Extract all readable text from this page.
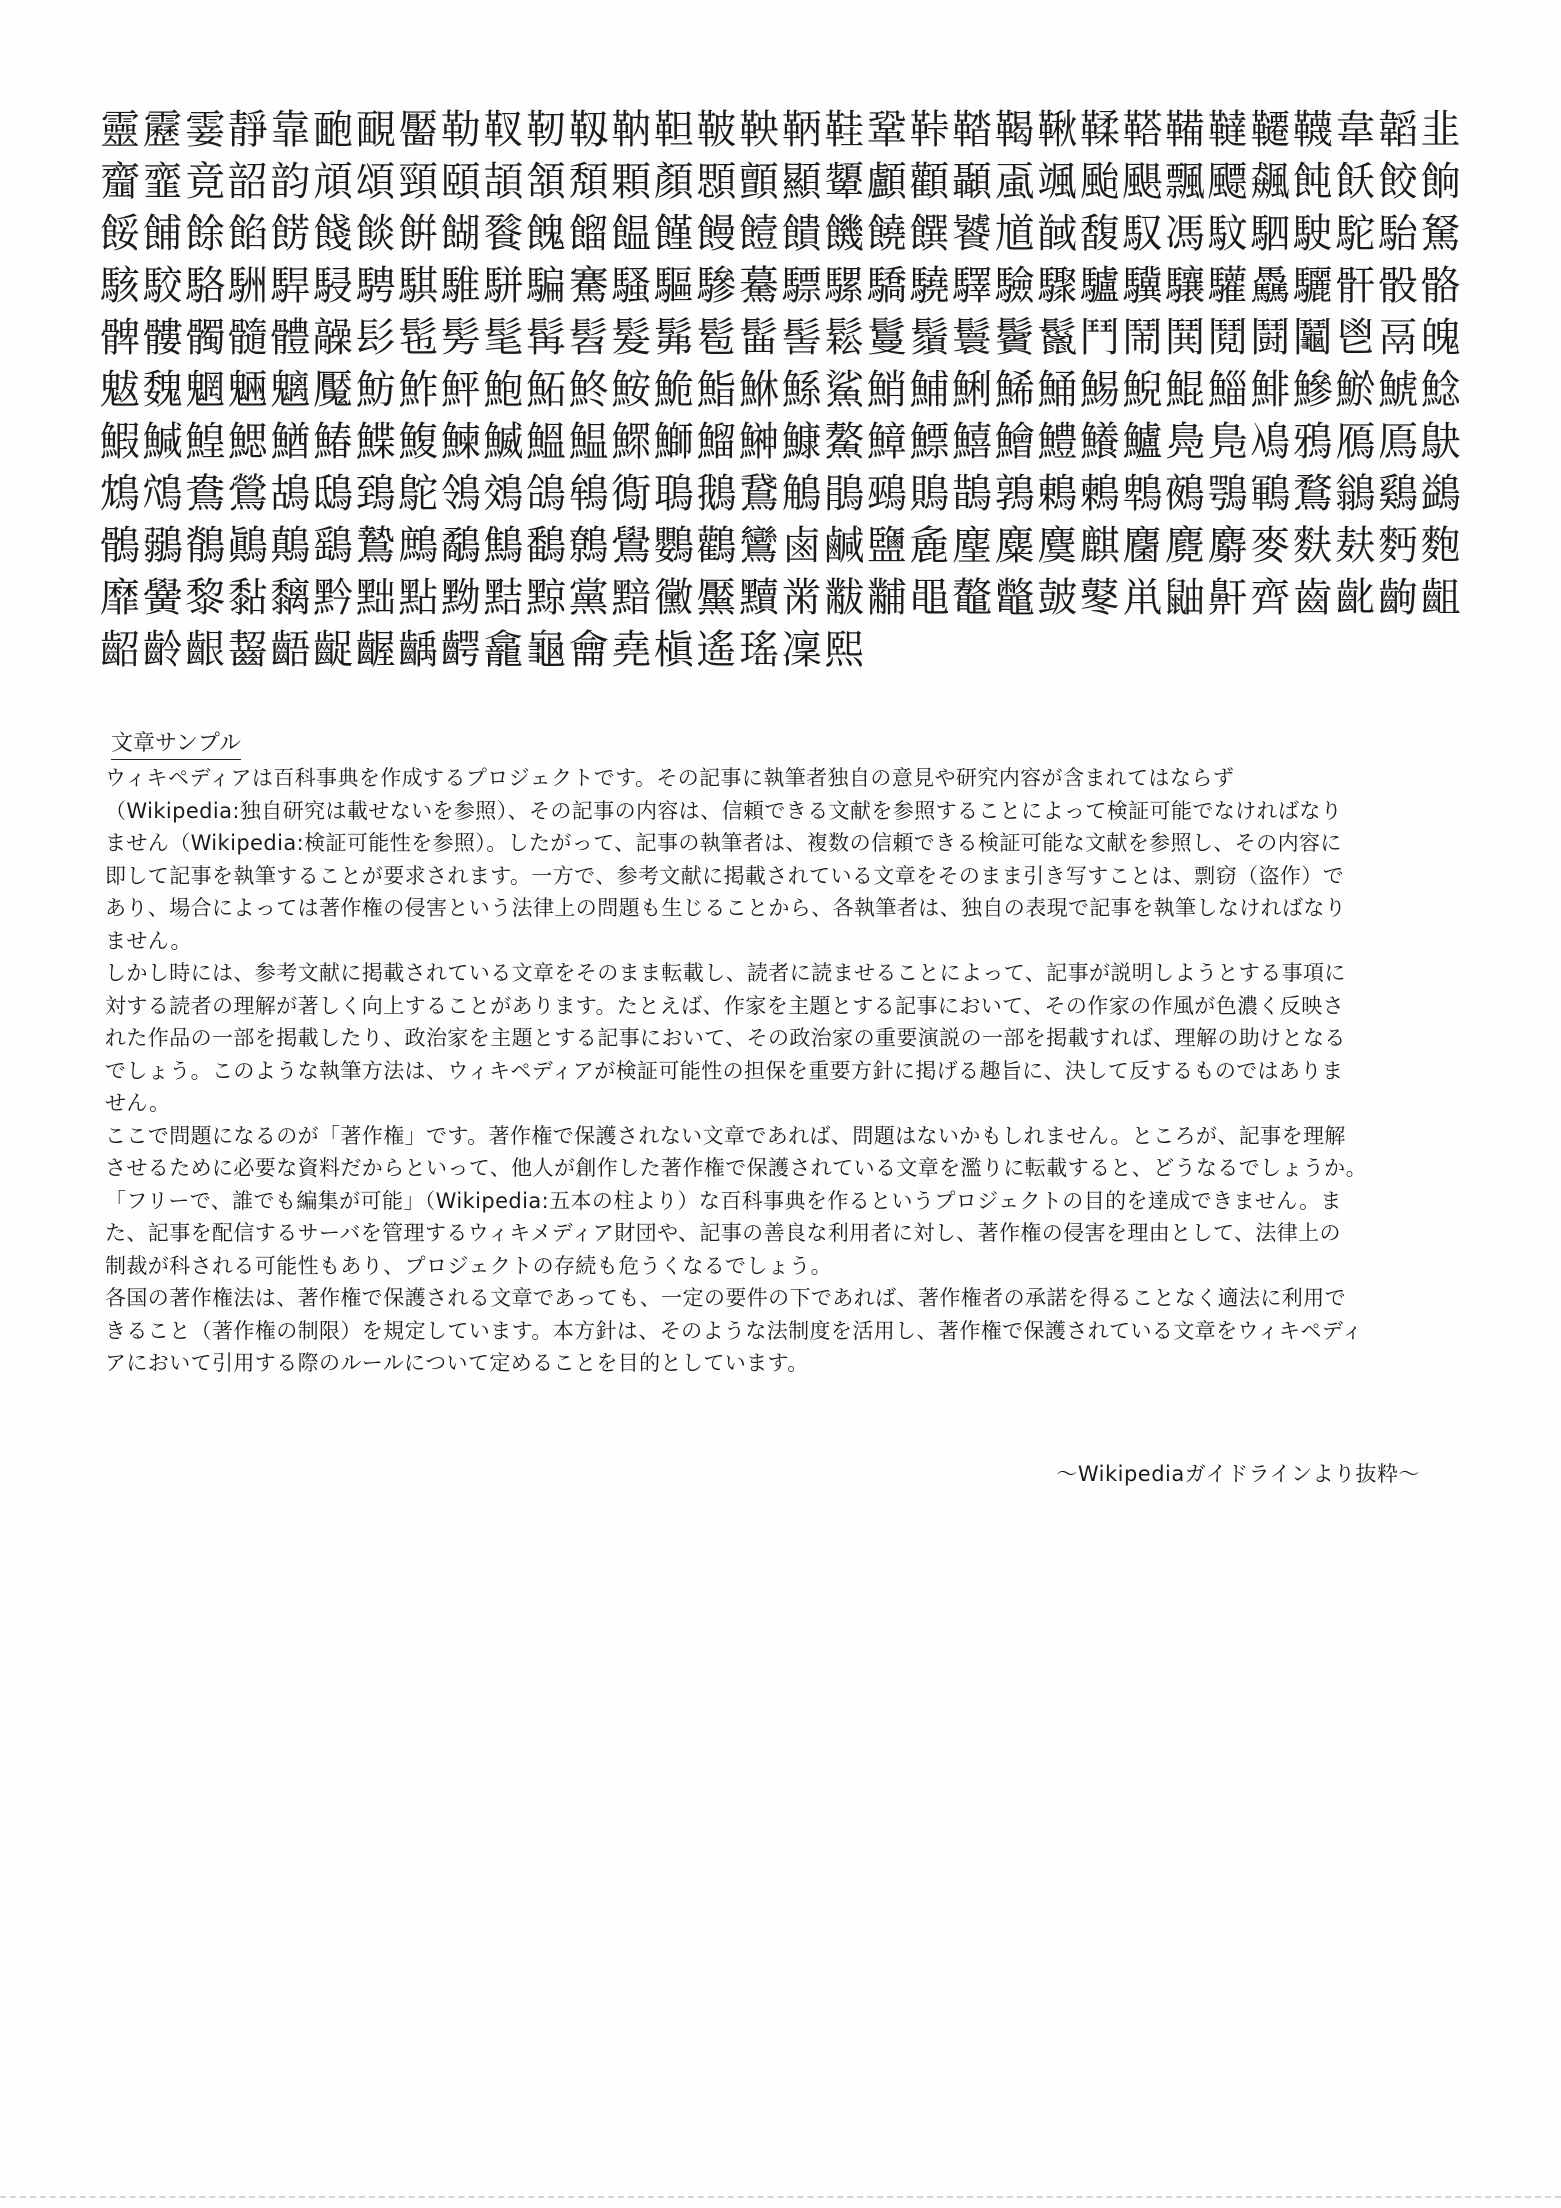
靈靂霎靜靠靤靦靨勒靫靭靱靹靼鞁鞅鞆鞋鞏鞐鞜鞨鞦鞣鞳鞴韃韆韈韋韜韭
齏韲竟韶韵頏頌頸頤頡頷頽顆顏顋顫顯顰顱顴顳颪颯颱颶飄飃飆飩飫餃餉
餒餔餘餡餝餞餤餠餬餮餽餾饂饉饅饐饋饑饒饌饕馗馘馥馭馮馼駟駛駝駘駑
駭駮駱駲駻駸騁騏騅駢騙騫騷驅驂驀驃騾驕驍驛驗驟驢驥驤驩驫驪骭骰骼
髀髏髑髓體髞髟髢髣髦髯髫髮髴髱髷髻鬆鬘鬚鬟鬢鬣鬥鬧鬨鬩鬪鬮鬯鬲魄
魃魏魍魎魑魘魴鮓鮃鮑鮖鮗鮟鮠鮨鮴鯀鯊鮹鯆鯏鯑鯒鯣鯢鯤鯔鯡鰺鯲鯱鯰
鰕鰔鰉鰓鰌鰆鰈鰒鰊鰄鰮鰛鰥鰤鰡鰰鱇鰲鱆鰾鱚鱠鱧鱶鱸鳧鳬鳰鴉鴈鳫鴃
鴆鴪鴦鶯鴣鴟鵄鴕鴒鵁鴿鴾鵆鵈鵝鵞鵤鵑鵐鵙鵲鶉鶇鶫鵯鵺鶚鶤鶩鶲鷄鷁
鶻鶸鶺鷆鷏鷂鷙鷓鷸鷦鷭鷯鷽鸚鸛鸞鹵鹹鹽麁麈麋麌麒麕麑麝麥麩麸麪麭
靡黌黎黏黐黔黜點黝黠黥黨黯黴黶黷黹黻黼黽鼇鼈皷鼕鼡鼬鼾齊齒齔齣齟
齠齡齦齧齬齪齷齲齶龕龜龠堯槇遙瑤凜熙
文章サンプル

ウィキペディアは百科事典を作成するプロジェクトです。その記事に執筆者独自の意見や研究内容が含まれてはならず
（Wikipedia:独自研究は載せないを参照）、その記事の内容は、信頼できる文献を参照することによって検証可能でなければなり
ません（Wikipedia:検証可能性を参照）。したがって、記事の執筆者は、複数の信頼できる検証可能な文献を参照し、その内容に
即して記事を執筆することが要求されます。一方で、参考文献に掲載されている文章をそのまま引き写すことは、剽窃（盗作）で
あり、場合によっては著作権の侵害という法律上の問題も生じることから、各執筆者は、独自の表現で記事を執筆しなければなり
ません。

しかし時には、参考文献に掲載されている文章をそのまま転載し、読者に読ませることによって、記事が説明しようとする事項に
対する読者の理解が著しく向上することがあります。たとえば、作家を主題とする記事において、その作家の作風が色濃く反映さ
れた作品の一部を掲載したり、政治家を主題とする記事において、その政治家の重要演説の一部を掲載すれば、理解の助けとなる
でしょう。このような執筆方法は、ウィキペディアが検証可能性の担保を重要方針に掲げる趣旨に、決して反するものではありま
せん。

ここで問題になるのが「著作権」です。著作権で保護されない文章であれば、問題はないかもしれません。ところが、記事を理解
させるために必要な資料だからといって、他人が創作した著作権で保護されている文章を濫りに転載すると、どうなるでしょうか。
「フリーで、誰でも編集が可能」（Wikipedia:五本の柱より）な百科事典を作るというプロジェクトの目的を達成できません。ま
た、記事を配信するサーバを管理するウィキメディア財団や、記事の善良な利用者に対し、著作権の侵害を理由として、法律上の
制裁が科される可能性もあり、プロジェクトの存続も危うくなるでしょう。

各国の著作権法は、著作権で保護される文章であっても、一定の要件の下であれば、著作権者の承諾を得ることなく適法に利用で
きること（著作権の制限）を規定しています。本方針は、そのような法制度を活用し、著作権で保護されている文章をウィキペディ
アにおいて引用する際のルールについて定めることを目的としています。

～Wikipediaガイドラインより抜粋～
